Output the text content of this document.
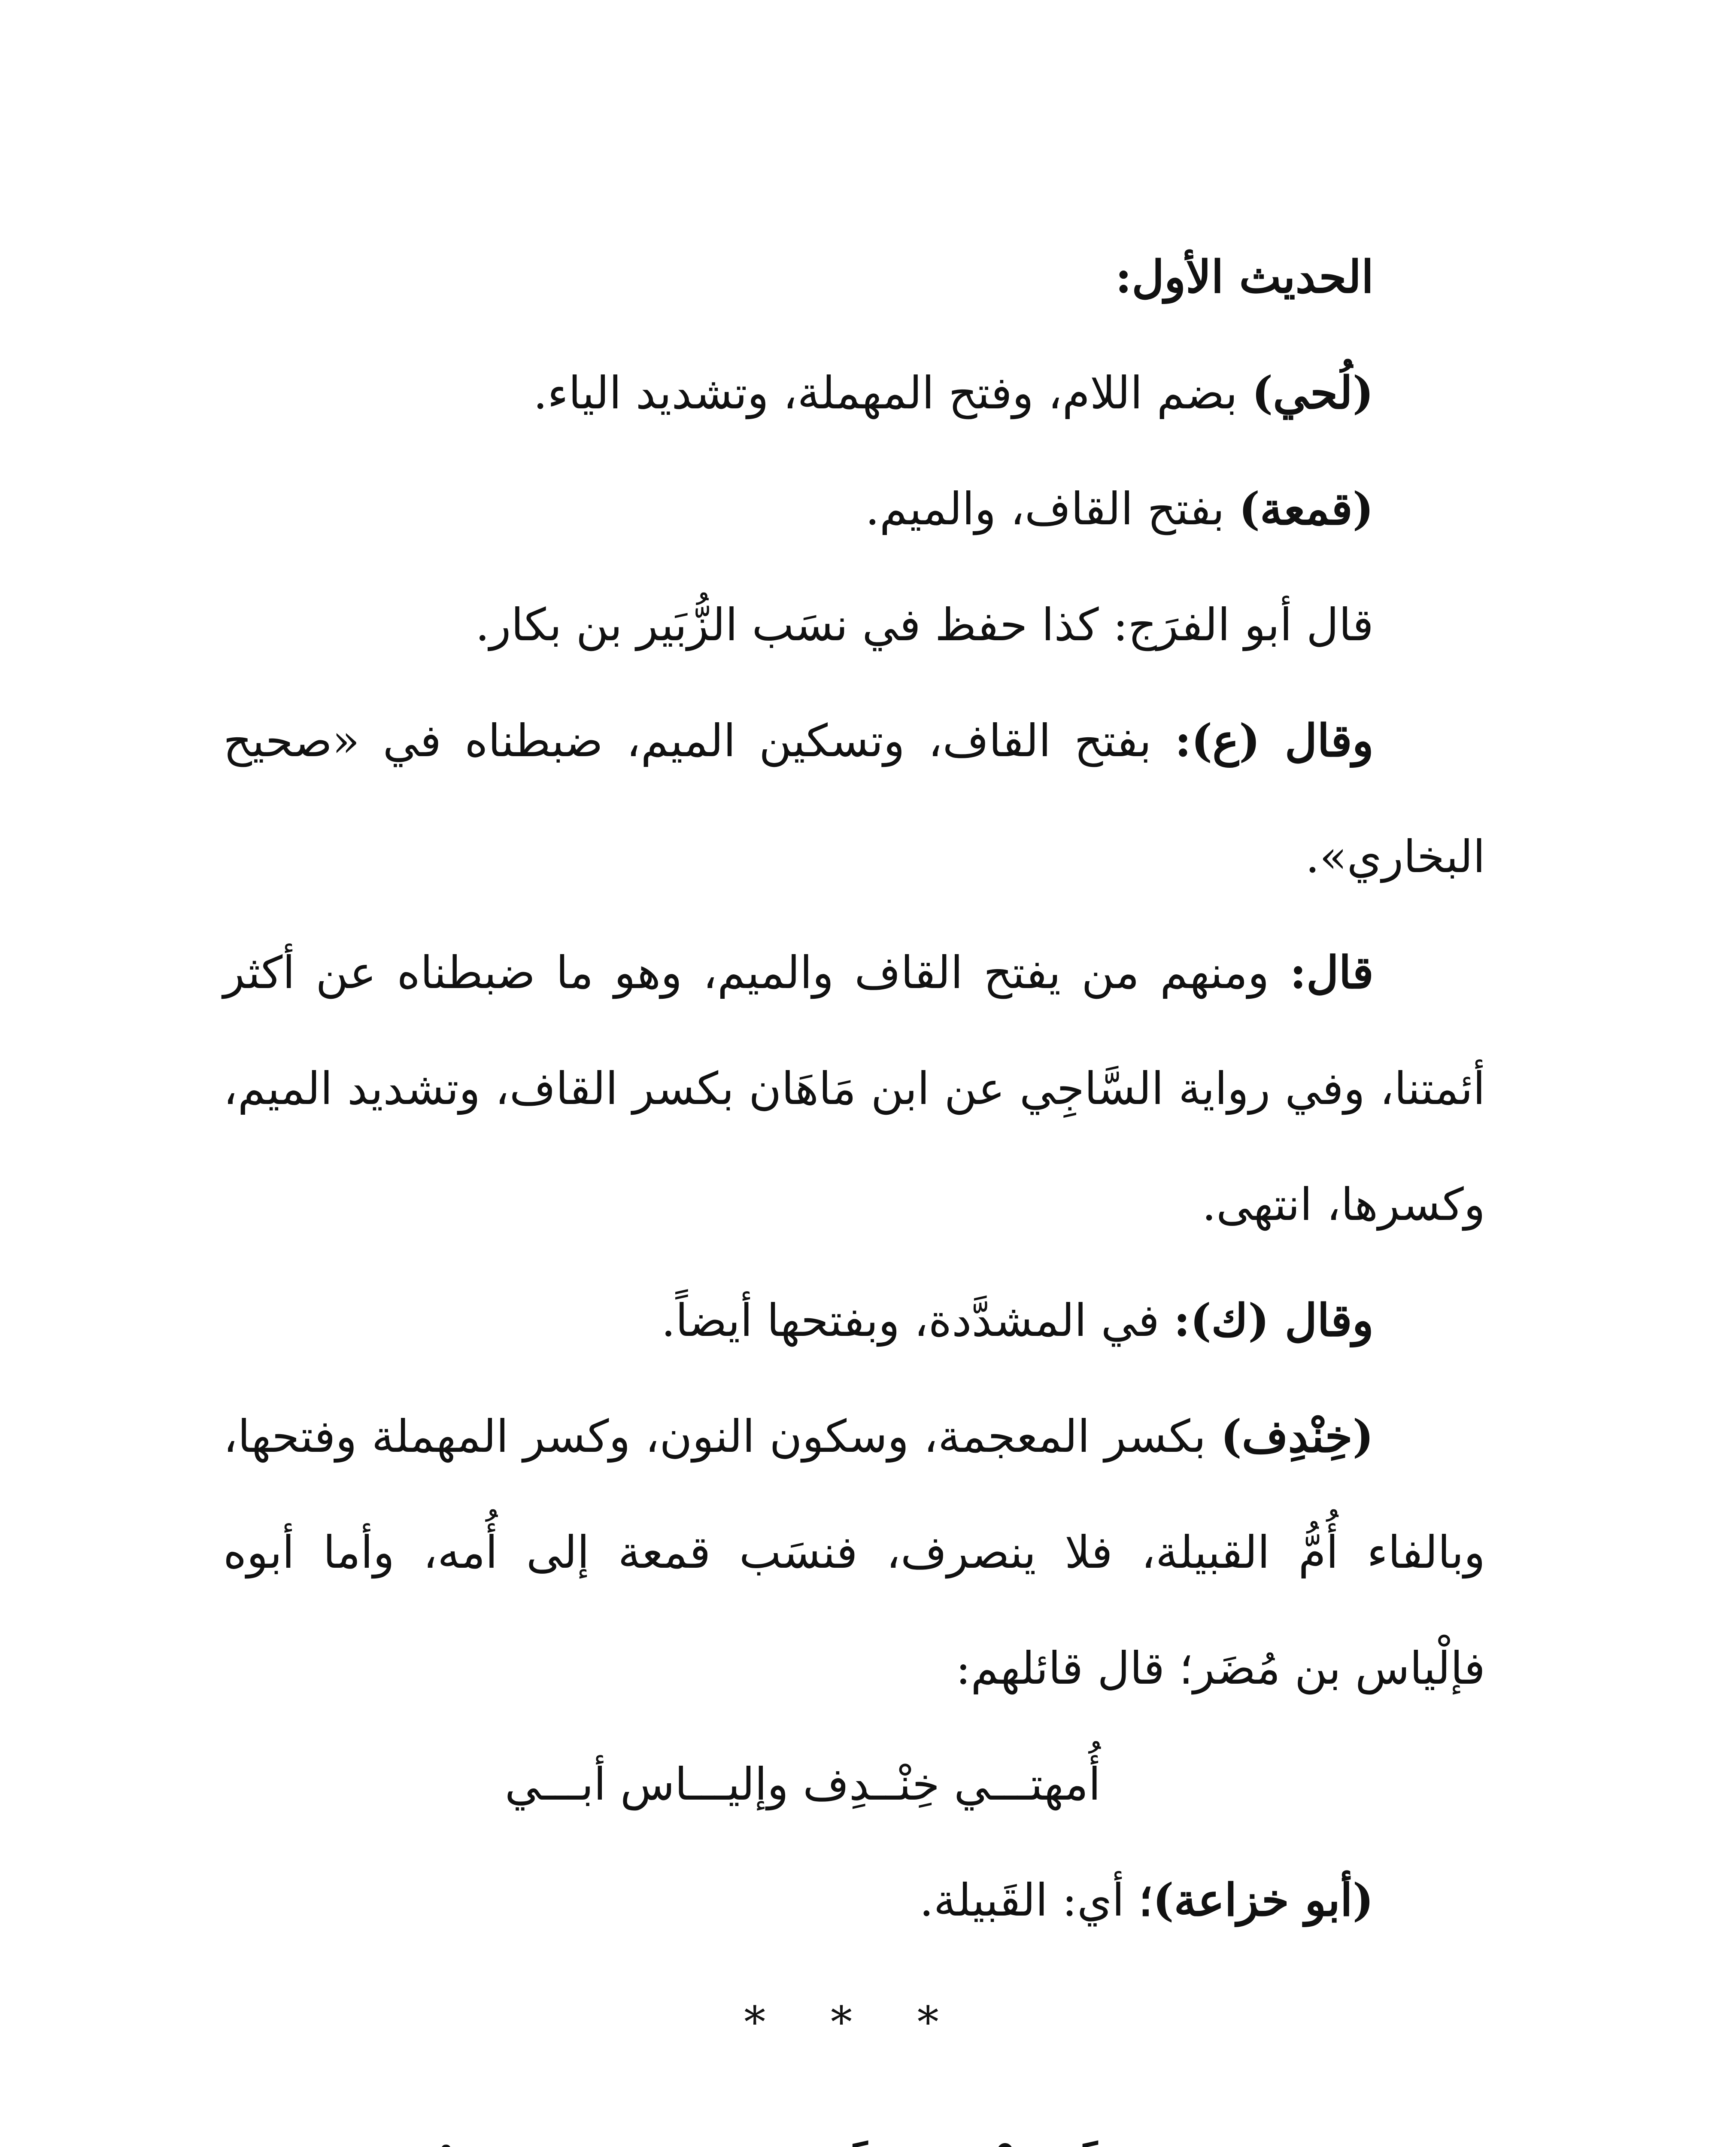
الحديث الأول:

(لُحي) بضم اللام، وفتح المهملة، وتشديد الياء.

(قمعة) بفتح القاف، والميم.

قال أبو الفرَج: كذا حفظ في نسَب الزُّبَير بن بكار.

وقال (ع): بفتح القاف، وتسكين الميم، ضبطناه في «صحيح البخاري».

قال: ومنهم من يفتح القاف والميم، وهو ما ضبطناه عن أكثر أئمتنا، وفي رواية السَّاجِي عن ابن مَاهَان بكسر القاف، وتشديد الميم، وكسرها، انتهى.

وقال (ك): في المشدَّدة، وبفتحها أيضاً.

(خِنْدِف) بكسر المعجمة، وسكون النون، وكسر المهملة وفتحها، وبالفاء أُمُّ القبيلة، فلا ينصرف، فنسَب قمعة إلى أُمه، وأما أبوه فإلْياس بن مُضَر؛ قال قائلهم:

أُمهتـــي خِنْــدِف وإليـــاس أبـــي

(أبو خزاعة)؛ أي: القَبيلة.

* * *
